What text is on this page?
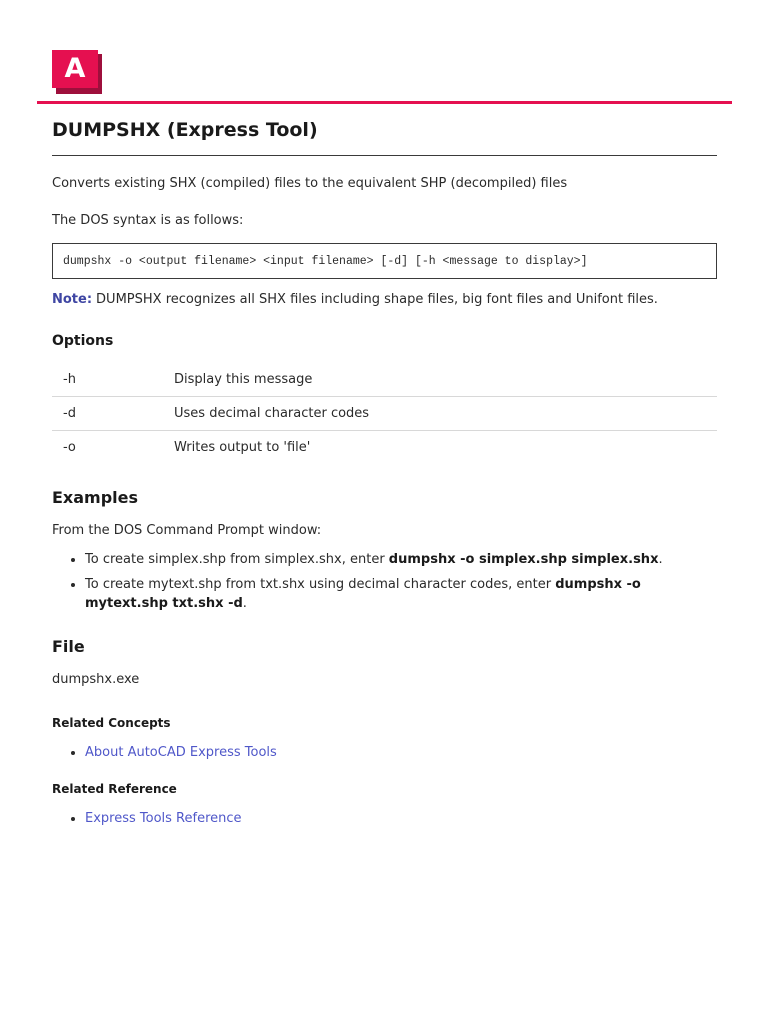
A
DUMPSHX (Express Tool)

Converts existing SHX (compiled) files to the equivalent SHP (decompiled) files

The DOS syntax is as follows:

dumpshx -o <output filename> <input filename> [-d] [-h <message to display>]

Note: DUMPSHX recognizes all SHX files including shape files, big font files and Unifont files.

Options
-h	Display this message
-d	Uses decimal character codes
-o	Writes output to 'file'
Examples

From the DOS Command Prompt window:

• To create simplex.shp from simplex.shx, enter dumpshx -o simplex.shp simplex.shx.
• To create mytext.shp from txt.shx using decimal character codes, enter dumpshx -o mytext.shp txt.shx -d.
File

dumpshx.exe

Related Concepts
• About AutoCAD Express Tools
Related Reference
• Express Tools Reference
